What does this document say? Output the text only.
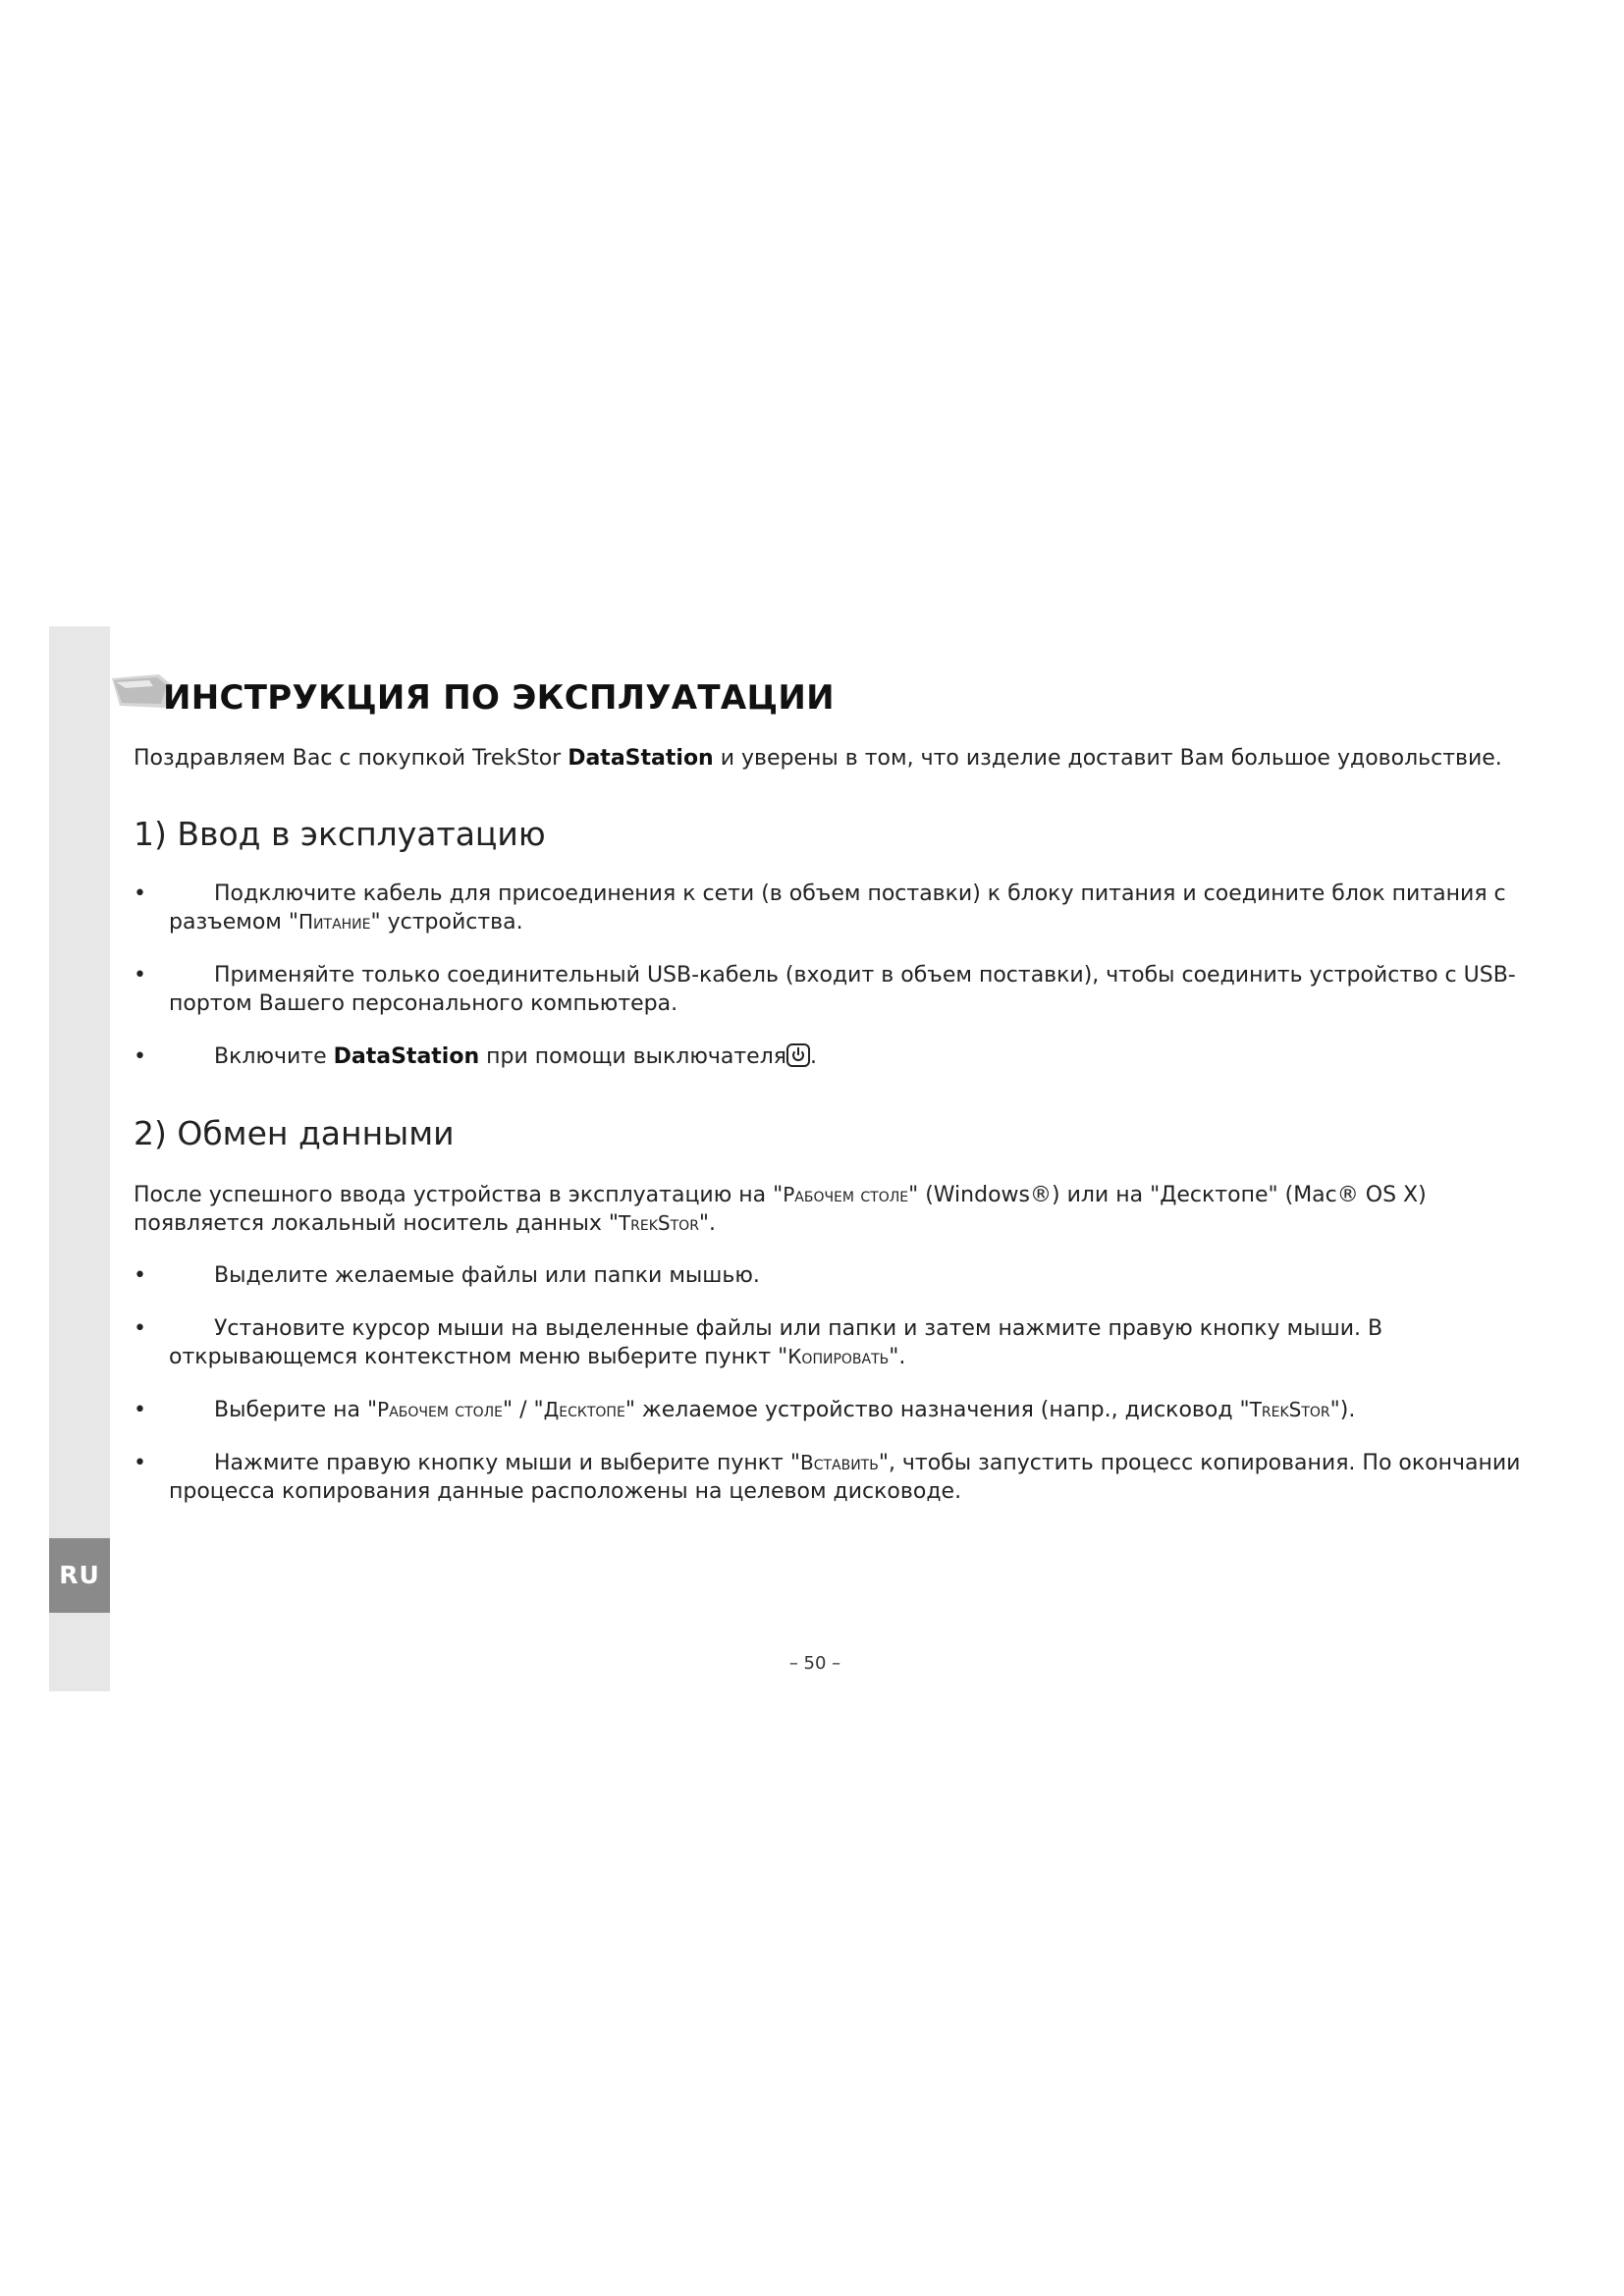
RU
ИНСТРУКЦИЯ ПО ЭКСПЛУАТАЦИИ

Поздравляем Вас с покупкой TrekStor DataStation и уверены в том, что изделие доставит Вам большое удовольствие.

1) Ввод в эксплуатацию
•	Подключите кабель для присоединения к сети (в объем поставки) к блоку питания и соедините блок питания с разъемом "Питание" устройства.
•	Применяйте только соединительный USB-кабель (входит в объем поставки), чтобы соединить устройство с USB-портом Вашего персонального компьютера.
•	Включите DataStation при помощи выключателя .
2) Обмен данными

После успешного ввода устройства в эксплуатацию на "Рабочем столе" (Windows®) или на "Десктопе" (Mac® OS X) появляется локальный носитель данных "TrekStor".

•	Выделите желаемые файлы или папки мышью.
•	Установите курсор мыши на выделенные файлы или папки и затем нажмите правую кнопку мыши. В открывающемся контекстном меню выберите пункт "Копировать".
•	Выберите на "Рабочем столе" / "Десктопе" желаемое устройство назначения (напр., дисковод "TrekStor").
•	Нажмите правую кнопку мыши и выберите пункт "Вставить", чтобы запустить процесс копирования. По окончании процесса копирования данные расположены на целевом дисководе.
– 50 –
